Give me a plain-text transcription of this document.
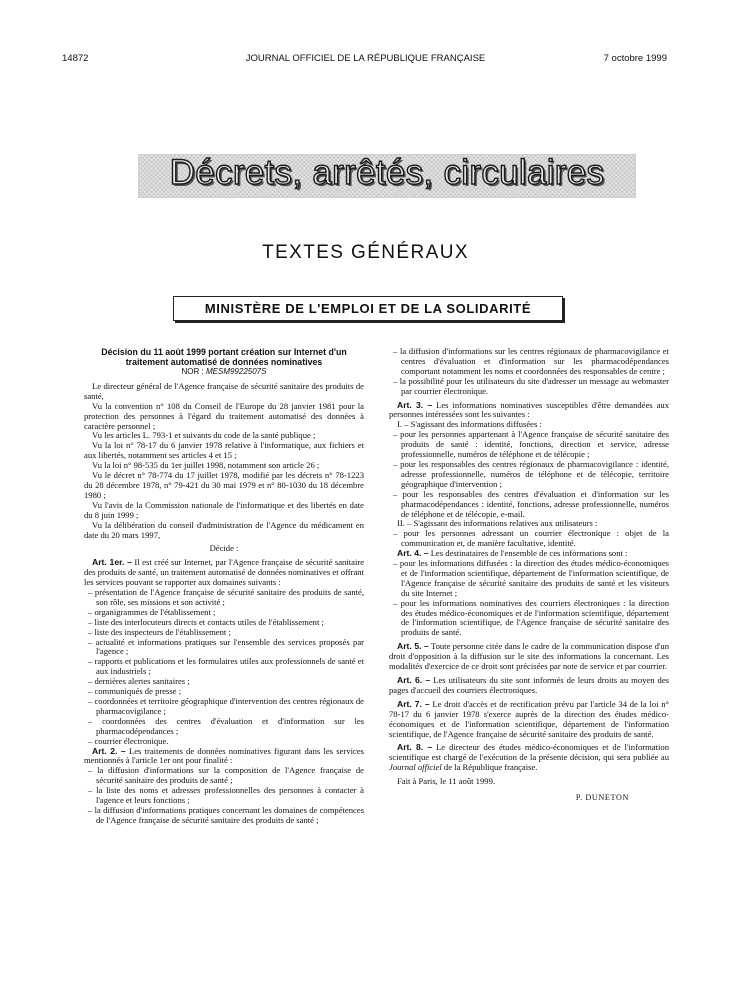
14872	JOURNAL OFFICIEL DE LA RÉPUBLIQUE FRANÇAISE	7 octobre 1999
Décrets, arrêtés, circulaires
TEXTES GÉNÉRAUX
MINISTÈRE DE L'EMPLOI ET DE LA SOLIDARITÉ

Décision du 11 août 1999 portant création sur Internet d'un traitement automatisé de données nominatives

NOR : MESM9922507S

Le directeur général de l'Agence française de sécurité sanitaire des produits de santé,

Vu la convention n° 108 du Conseil de l'Europe du 28 janvier 1981 pour la protection des personnes à l'égard du traitement automatisé des données à caractère personnel ;

Vu les articles L. 793-1 et suivants du code de la santé publique ;

Vu la loi n° 78-17 du 6 janvier 1978 relative à l'informatique, aux fichiers et aux libertés, notamment ses articles 4 et 15 ;

Vu la loi n° 98-535 du 1er juillet 1998, notamment son article 26 ;

Vu le décret n° 78-774 du 17 juillet 1978, modifié par les décrets n° 78-1223 du 28 décembre 1978, n° 79-421 du 30 mai 1979 et n° 80-1030 du 18 décembre 1980 ;

Vu l'avis de la Commission nationale de l'informatique et des libertés en date du 8 juin 1999 ;

Vu la délibération du conseil d'administration de l'Agence du médicament en date du 20 mars 1997,

Décide :

Art. 1er. – Il est créé sur Internet, par l'Agence française de sécurité sanitaire des produits de santé, un traitement automatisé de données nominatives et offrant les services pouvant se rapporter aux domaines suivants :

– présentation de l'Agence française de sécurité sanitaire des produits de santé, son rôle, ses missions et son activité ;

– organigrammes de l'établissement ;

– liste des interlocuteurs directs et contacts utiles de l'établissement ;

– liste des inspecteurs de l'établissement ;

– actualité et informations pratiques sur l'ensemble des services proposés par l'agence ;

– rapports et publications et les formulaires utiles aux professionnels de santé et aux industriels ;

– dernières alertes sanitaires ;

– communiqués de presse ;

– coordonnées et territoire géographique d'intervention des centres régionaux de pharmacovigilance ;

– coordonnées des centres d'évaluation et d'information sur les pharmacodépendances ;

– courrier électronique.

Art. 2. – Les traitements de données nominatives figurant dans les services mentionnés à l'article 1er ont pour finalité :

– la diffusion d'informations sur la composition de l'Agence française de sécurité sanitaire des produits de santé ;

– la liste des noms et adresses professionnelles des personnes à contacter à l'agence et leurs fonctions ;

– la diffusion d'informations pratiques concernant les domaines de compétences de l'Agence française de sécurité sanitaire des produits de santé ;

– la diffusion d'informations sur les centres régionaux de pharmacovigilance et centres d'évaluation et d'information sur les pharmacodépendances comportant notamment les noms et coordonnées des responsables de centre ;

– la possibilité pour les utilisateurs du site d'adresser un message au webmaster par courrier électronique.

Art. 3. – Les informations nominatives susceptibles d'être demandées aux personnes intéressées sont les suivantes :

I. – S'agissant des informations diffusées :

– pour les personnes appartenant à l'Agence française de sécurité sanitaire des produits de santé : identité, fonctions, direction et service, adresse professionnelle, numéros de téléphone et de télécopie ;

– pour les responsables des centres régionaux de pharmacovigilance : identité, adresse professionnelle, numéros de téléphone et de télécopie, territoire géographique d'intervention ;

– pour les responsables des centres d'évaluation et d'information sur les pharmacodépendances : identité, fonctions, adresse professionnelle, numéros de téléphone et de télécopie, e-mail.

II. – S'agissant des informations relatives aux utilisateurs :

– pour les personnes adressant un courrier électronique : objet de la communication et, de manière facultative, identité.

Art. 4. – Les destinataires de l'ensemble de ces informations sont :

– pour les informations diffusées : la direction des études médico-économiques et de l'information scientifique, département de l'information scientifique, de l'Agence française de sécurité sanitaire des produits de santé et les visiteurs du site Internet ;

– pour les informations nominatives des courriers électroniques : la direction des études médico-économiques et de l'information scientifique, département de l'information scientifique, de l'Agence française de sécurité sanitaire des produits de santé.

Art. 5. – Toute personne citée dans le cadre de la communication dispose d'un droit d'opposition à la diffusion sur le site des informations la concernant. Les modalités d'exercice de ce droit sont précisées par note de service et par courrier.

Art. 6. – Les utilisateurs du site sont informés de leurs droits au moyen des pages d'accueil des courriers électroniques.

Art. 7. – Le droit d'accès et de rectification prévu par l'article 34 de la loi n° 78-17 du 6 janvier 1978 s'exerce auprès de la direction des études médico-économiques et de l'information scientifique, département de l'information scientifique, de l'Agence française de sécurité sanitaire des produits de santé.

Art. 8. – Le directeur des études médico-économiques et de l'information scientifique est chargé de l'exécution de la présente décision, qui sera publiée au Journal officiel de la République française.

Fait à Paris, le 11 août 1999.

P. DUNETON
